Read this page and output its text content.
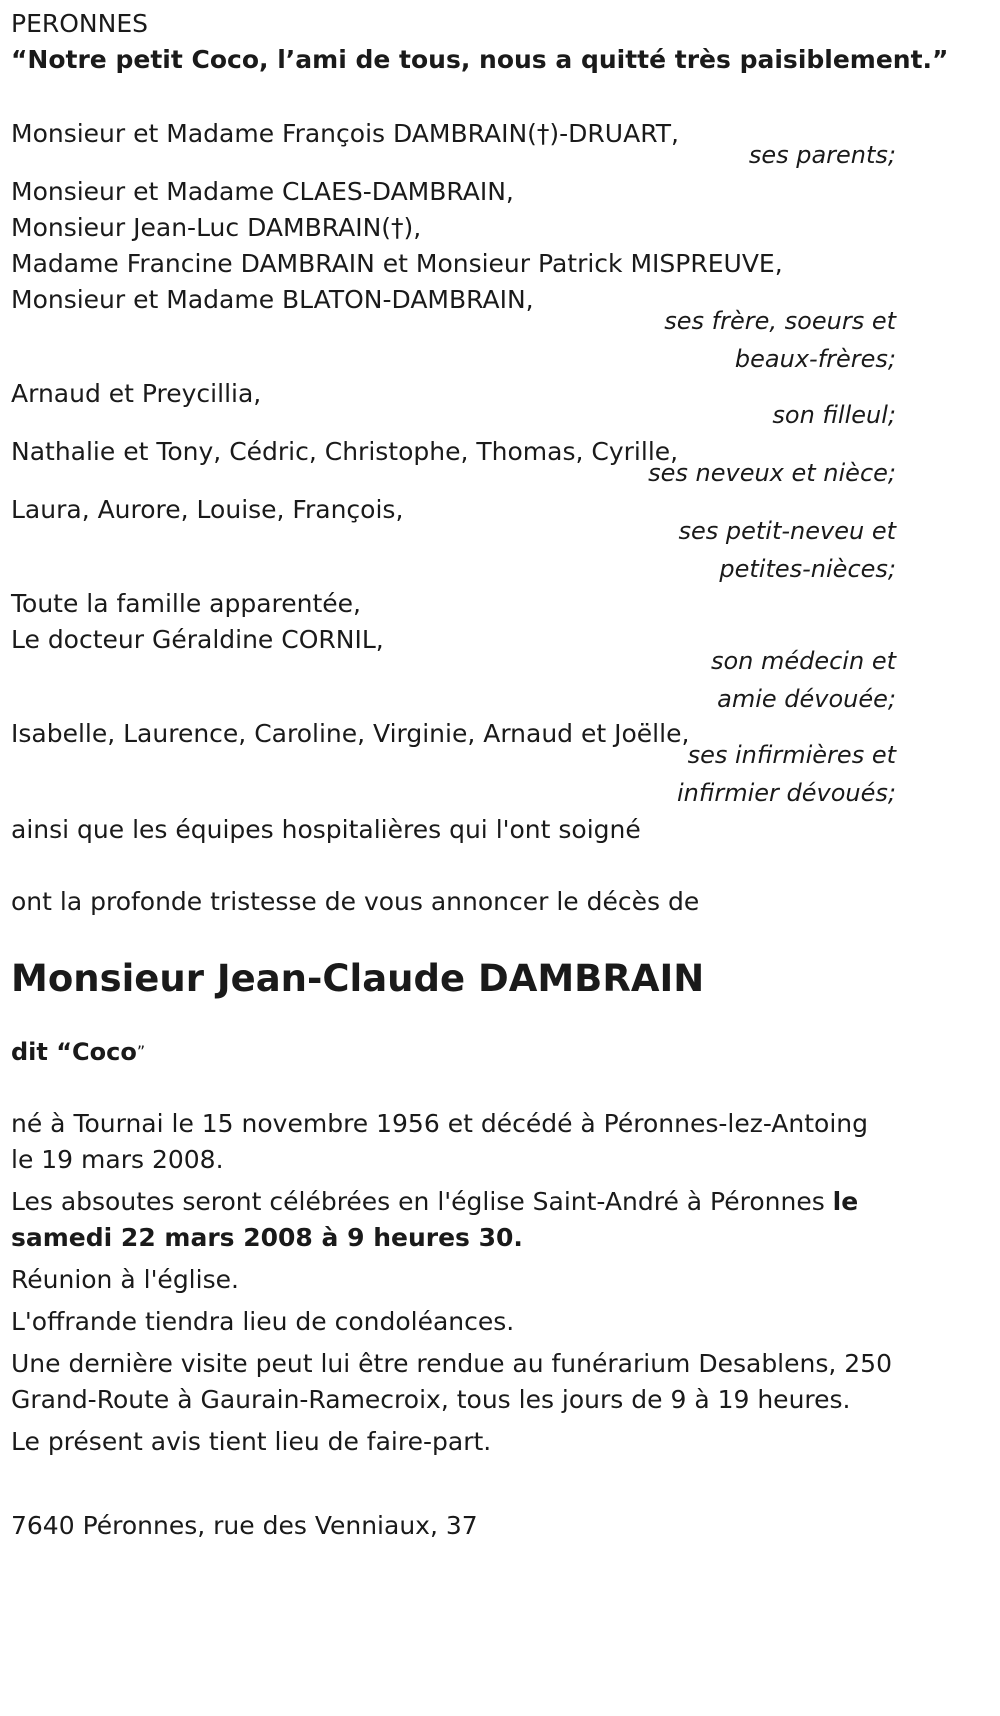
PERONNES
“Notre petit Coco, l’ami de tous, nous a quitté très paisiblement.”
Monsieur et Madame François DAMBRAIN(†)-DRUART,
ses parents;
Monsieur et Madame CLAES-DAMBRAIN,
Monsieur Jean-Luc DAMBRAIN(†),
Madame Francine DAMBRAIN et Monsieur Patrick MISPREUVE,
Monsieur et Madame BLATON-DAMBRAIN,
ses frère, soeurs et
beaux-frères;
Arnaud et Preycillia,
son filleul;
Nathalie et Tony, Cédric, Christophe, Thomas, Cyrille,
ses neveux et nièce;
Laura, Aurore, Louise, François,
ses petit-neveu et
petites-nièces;
Toute la famille apparentée,
Le docteur Géraldine CORNIL,
son médecin et
amie dévouée;
Isabelle, Laurence, Caroline, Virginie, Arnaud et Joëlle,
ses infirmières et
infirmier dévoués;
ainsi que les équipes hospitalières qui l'ont soigné
ont la profonde tristesse de vous annoncer le décès de
Monsieur Jean-Claude DAMBRAIN
dit “Coco”
né à Tournai le 15 novembre 1956 et décédé à Péronnes-lez-Antoing le 19 mars 2008.
Les absoutes seront célébrées en l'église Saint-André à Péronnes le samedi 22 mars 2008 à 9 heures 30.
Réunion à l'église.
L'offrande tiendra lieu de condoléances.
Une dernière visite peut lui être rendue au funérarium Desablens, 250 Grand-Route à Gaurain-Ramecroix, tous les jours de 9 à 19 heures.
Le présent avis tient lieu de faire-part.
7640 Péronnes, rue des Venniaux, 37
